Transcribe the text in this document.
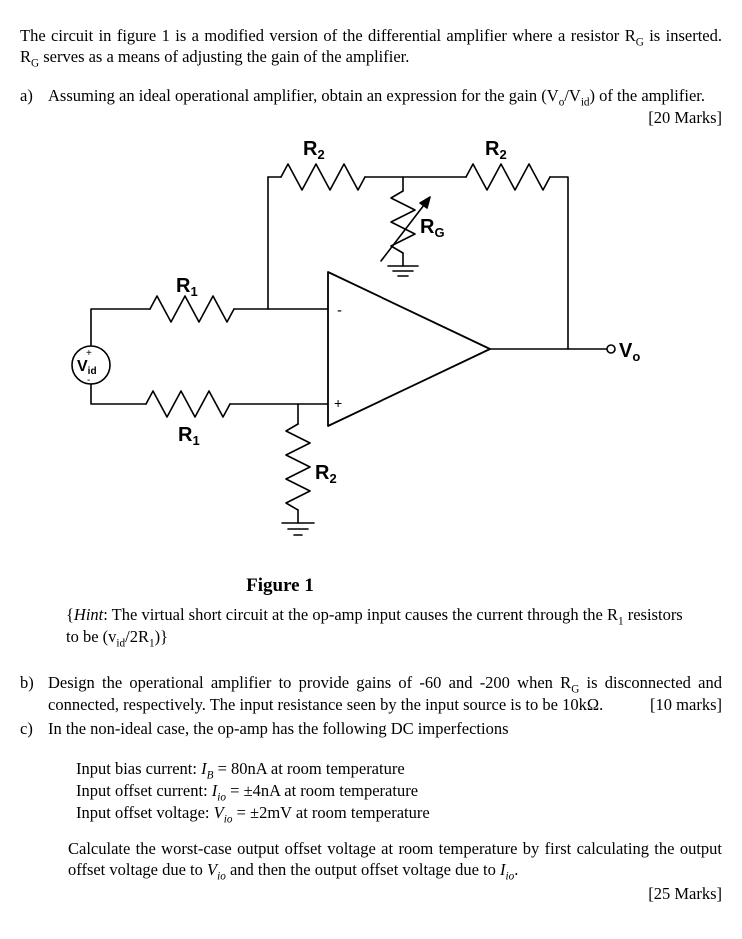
The circuit in figure 1 is a modified version of the differential amplifier where a resistor $R_G$ is inserted. $R_G$ serves as a means of adjusting the gain of the amplifier.

a) Assuming an ideal operational amplifier, obtain an expression for the gain $(V_o/V_{id})$ of the amplifier.
[20 Marks]
$R_2$	$R_2$
$R_G$
$R_1$
$R_1$
$R_2$
Vid
$V_o$
-
+
+
-
Figure 1

{Hint: The virtual short circuit at the op-amp input causes the current through the $R_1$ resistors to be $(v_{id}/2R_1)$}

b) Design the operational amplifier to provide gains of -60 and -200 when $R_G$ is disconnected and connected, respectively. The input resistance seen by the input source is to be 10kΩ.	[10 marks]
c) In the non-ideal case, the op-amp has the following DC imperfections
Input bias current: $I_B = 80nA$ at room temperature
Input offset current: $I_{io} = \pm 4nA$ at room temperature
Input offset voltage: $V_{io} = \pm 2mV$ at room temperature

Calculate the worst-case output offset voltage at room temperature by first calculating the output offset voltage due to $V_{io}$ and then the output offset voltage due to $I_{io}$.

[25 Marks]
